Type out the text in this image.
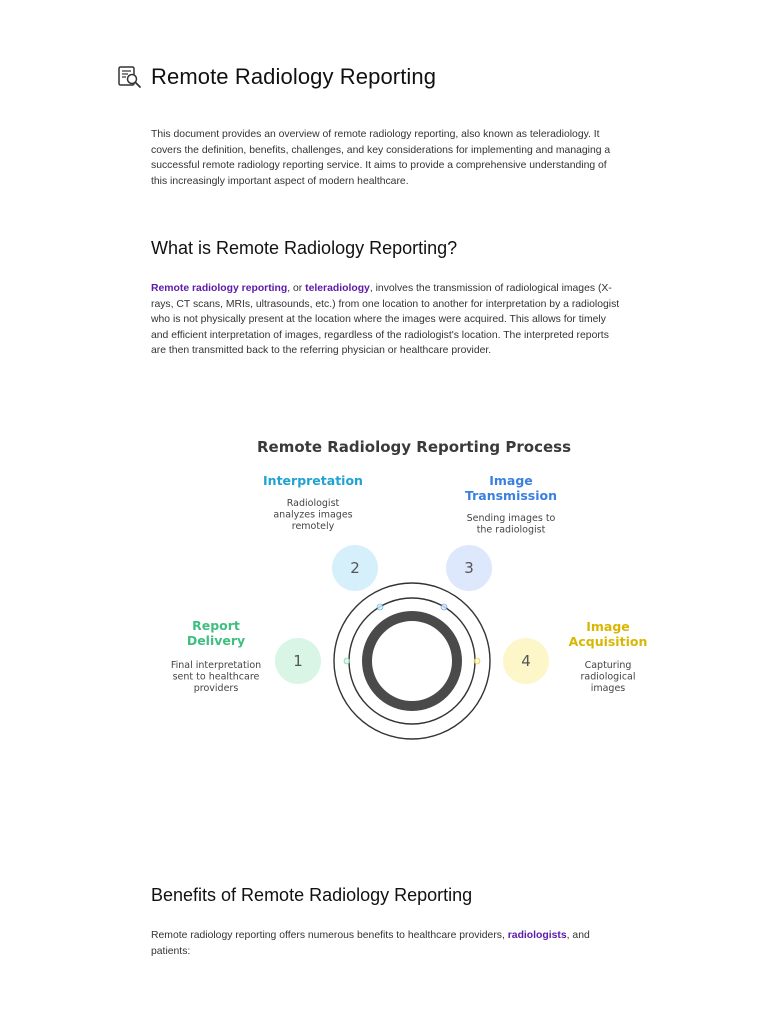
Remote Radiology Reporting

This document provides an overview of remote radiology reporting, also known as teleradiology. It covers the definition, benefits, challenges, and key considerations for implementing and managing a successful remote radiology reporting service. It aims to provide a comprehensive understanding of this increasingly important aspect of modern healthcare.

What is Remote Radiology Reporting?

Remote radiology reporting, or teleradiology, involves the transmission of radiological images (X-rays, CT scans, MRIs, ultrasounds, etc.) from one location to another for interpretation by a radiologist who is not physically present at the location where the images were acquired. This allows for timely and efficient interpretation of images, regardless of the radiologist's location. The interpreted reports are then transmitted back to the referring physician or healthcare provider.

Remote Radiology Reporting Process
1
Report Delivery
Final interpretation sent to healthcare providers
2
Interpretation
Radiologist analyzes images remotely
3
Image Transmission
Sending images to the radiologist
4
Image Acquisition
Capturing radiological images
Benefits of Remote Radiology Reporting

Remote radiology reporting offers numerous benefits to healthcare providers, radiologists, and patients:
